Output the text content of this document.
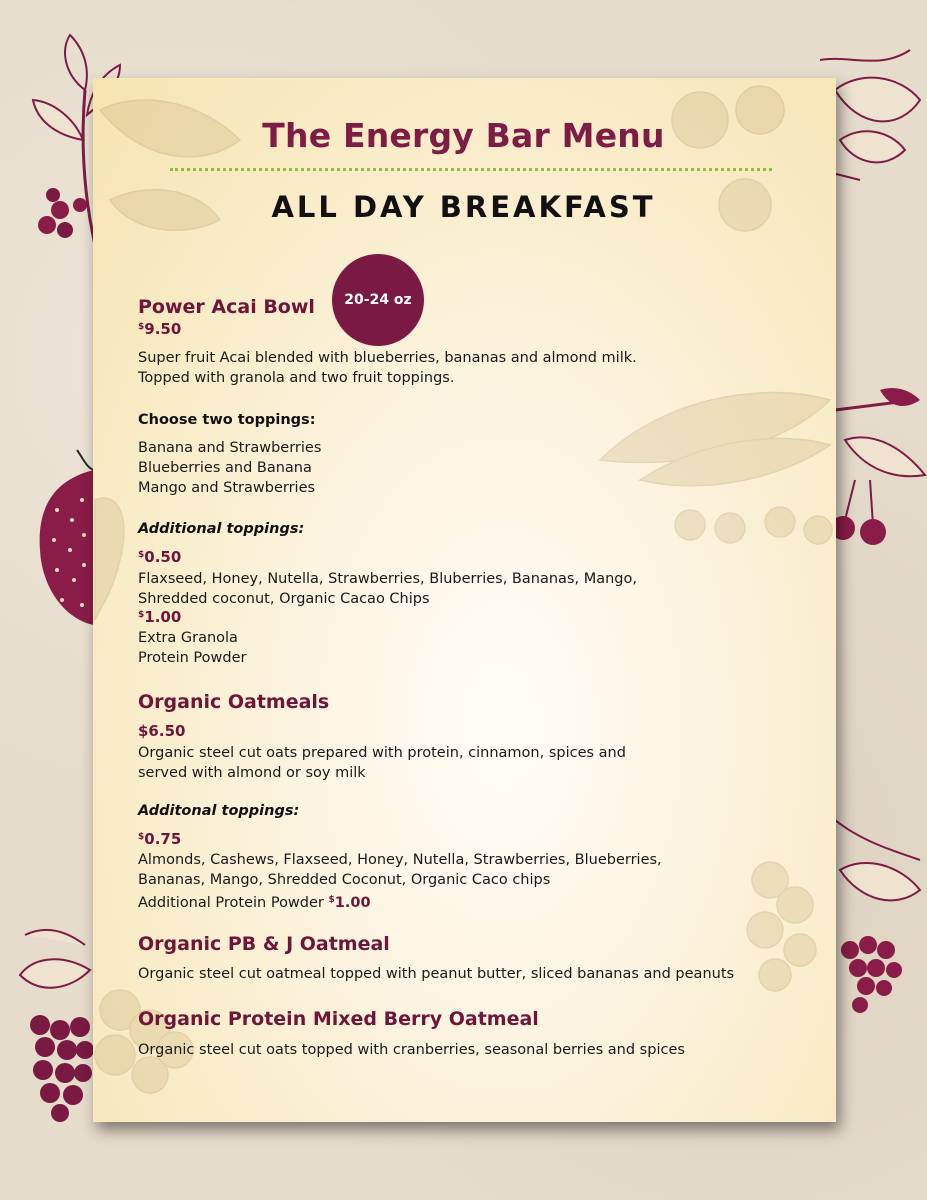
The Energy Bar Menu
ALL DAY BREAKFAST
20-24 oz
Power Acai Bowl
$9.50
Super fruit Acai blended with blueberries, bananas and almond milk.
Topped with granola and two fruit toppings.
Choose two toppings:
Banana and Strawberries
Blueberries and Banana
Mango and Strawberries
Additional toppings:
$0.50
Flaxseed, Honey, Nutella, Strawberries, Bluberries, Bananas, Mango,
Shredded coconut, Organic Cacao Chips
$1.00
Extra Granola
Protein Powder
Organic Oatmeals
$6.50
Organic steel cut oats prepared with protein, cinnamon, spices and
served with almond or soy milk
Additonal toppings:
$0.75
Almonds, Cashews, Flaxseed, Honey, Nutella, Strawberries, Blueberries,
Bananas, Mango, Shredded Coconut, Organic Caco chips
Additional Protein Powder $1.00
Organic PB & J Oatmeal
Organic steel cut oatmeal topped with peanut butter, sliced bananas and peanuts
Organic Protein Mixed Berry Oatmeal
Organic steel cut oats topped with cranberries, seasonal berries and spices
